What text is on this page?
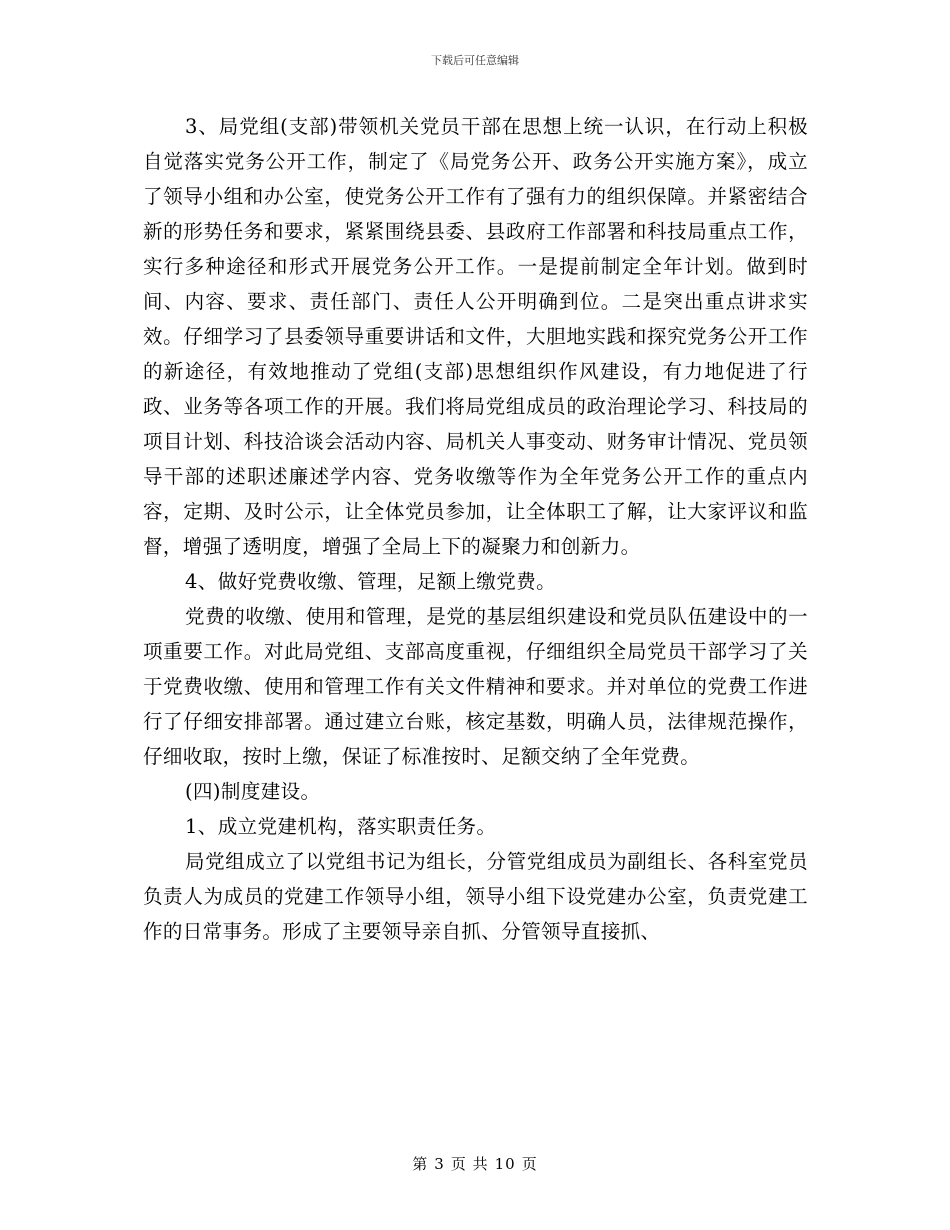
下载后可任意编辑

3、局党组(支部)带领机关党员干部在思想上统一认识，在行动上积极自觉落实党务公开工作，制定了《局党务公开、政务公开实施方案》，成立了领导小组和办公室，使党务公开工作有了强有力的组织保障。并紧密结合新的形势任务和要求，紧紧围绕县委、县政府工作部署和科技局重点工作，实行多种途径和形式开展党务公开工作。一是提前制定全年计划。做到时间、内容、要求、责任部门、责任人公开明确到位。二是突出重点讲求实效。仔细学习了县委领导重要讲话和文件，大胆地实践和探究党务公开工作的新途径，有效地推动了党组(支部)思想组织作风建设，有力地促进了行政、业务等各项工作的开展。我们将局党组成员的政治理论学习、科技局的项目计划、科技洽谈会活动内容、局机关人事变动、财务审计情况、党员领导干部的述职述廉述学内容、党务收缴等作为全年党务公开工作的重点内容，定期、及时公示，让全体党员参加，让全体职工了解，让大家评议和监督，增强了透明度，增强了全局上下的凝聚力和创新力。

4、做好党费收缴、管理，足额上缴党费。

党费的收缴、使用和管理，是党的基层组织建设和党员队伍建设中的一项重要工作。对此局党组、支部高度重视，仔细组织全局党员干部学习了关于党费收缴、使用和管理工作有关文件精神和要求。并对单位的党费工作进行了仔细安排部署。通过建立台账，核定基数，明确人员，法律规范操作，仔细收取，按时上缴，保证了标准按时、足额交纳了全年党费。

(四)制度建设。

1、成立党建机构，落实职责任务。

局党组成立了以党组书记为组长，分管党组成员为副组长、各科室党员负责人为成员的党建工作领导小组，领导小组下设党建办公室，负责党建工作的日常事务。形成了主要领导亲自抓、分管领导直接抓、

第 3 页 共 10 页
